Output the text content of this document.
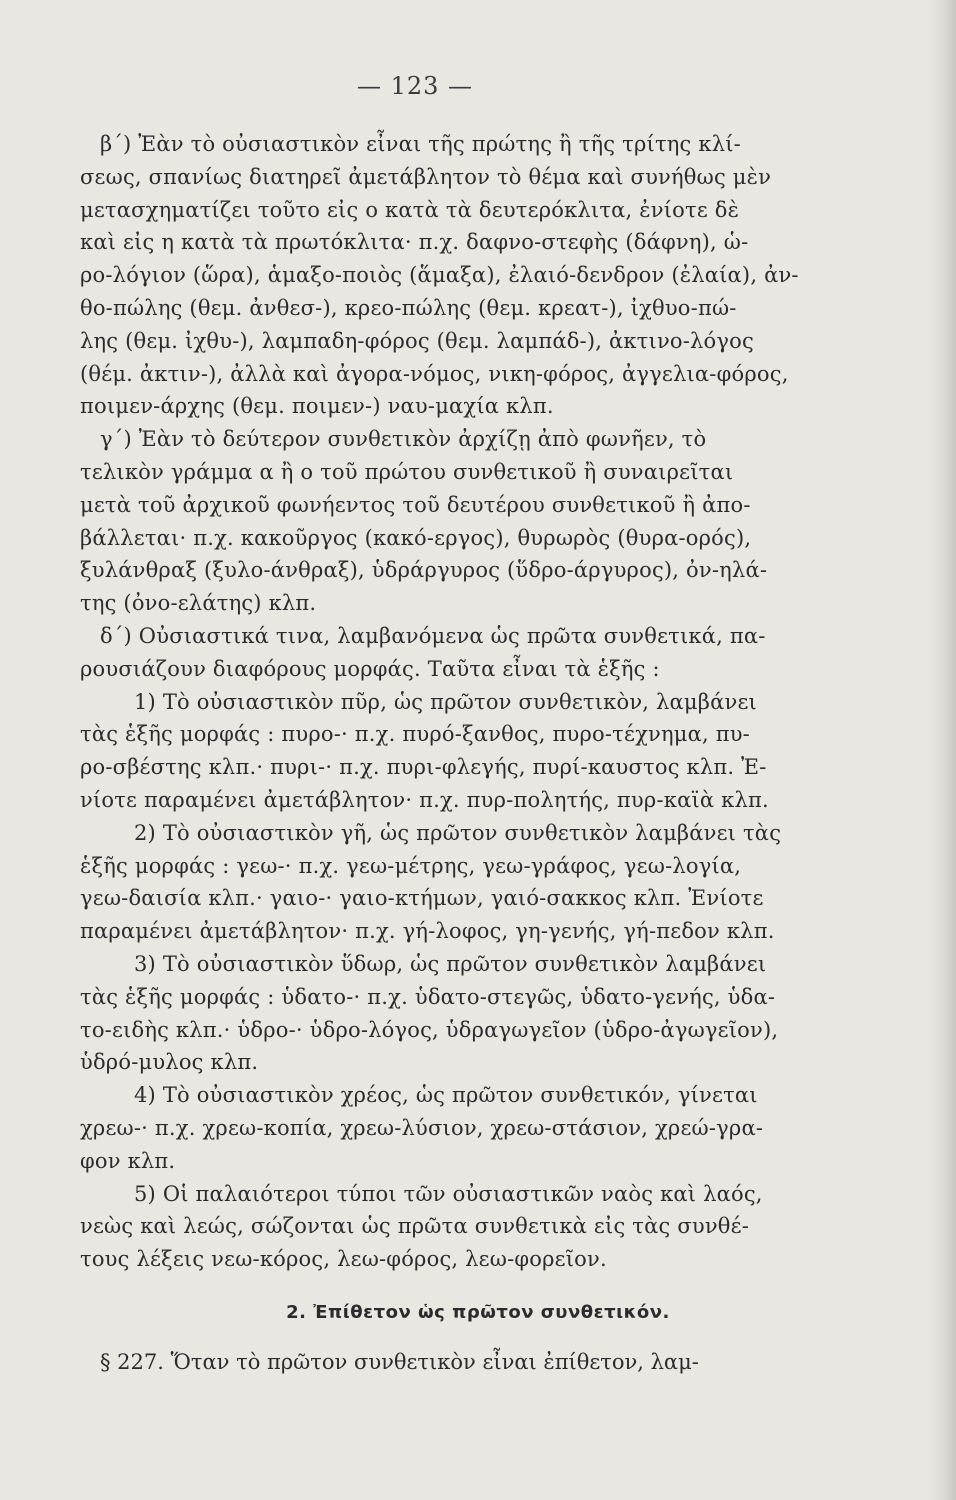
— 123 —
β΄) Ἐὰν τὸ οὐσιαστικὸν εἶναι τῆς πρώτης ἢ τῆς τρίτης κλί-
σεως, σπανίως διατηρεῖ ἀμετάβλητον τὸ θέμα καὶ συνήθως μὲν
μετασχηματίζει τοῦτο εἰς ο κατὰ τὰ δευτερόκλιτα, ἐνίοτε δὲ
καὶ εἰς η κατὰ τὰ πρωτόκλιτα· π.χ. δαφνο-στεφὴς (δάφνη), ὡ-
ρο-λόγιον (ὥρα), ἁμαξο-ποιὸς (ἅμαξα), ἐλαιό-δενδρον (ἐλαία), ἀν-
θο-πώλης (θεμ. ἀνθεσ-), κρεο-πώλης (θεμ. κρεατ-), ἰχθυο-πώ-
λης (θεμ. ἰχθυ-), λαμπαδη-φόρος (θεμ. λαμπάδ-), ἀκτινο-λόγος
(θέμ. ἀκτιν-), ἀλλὰ καὶ ἀγορα-νόμος, νικη-φόρος, ἀγγελια-φόρος,
ποιμεν-άρχης (θεμ. ποιμεν-) ναυ-μαχία κλπ.
γ΄) Ἐὰν τὸ δεύτερον συνθετικὸν ἀρχίζῃ ἀπὸ φωνῆεν, τὸ
τελικὸν γράμμα α ἢ ο τοῦ πρώτου συνθετικοῦ ἢ συναιρεῖται
μετὰ τοῦ ἀρχικοῦ φωνήεντος τοῦ δευτέρου συνθετικοῦ ἢ ἀπο-
βάλλεται· π.χ. κακοῦργος (κακό-εργος), θυρωρὸς (θυρα-ορός),
ξυλάνθραξ (ξυλο-άνθραξ), ὑδράργυρος (ὕδρο-άργυρος), ὀν-ηλά-
της (ὀνο-ελάτης) κλπ.
δ΄) Οὐσιαστικά τινα, λαμβανόμενα ὡς πρῶτα συνθετικά, πα-
ρουσιάζουν διαφόρους μορφάς. Ταῦτα εἶναι τὰ ἑξῆς :
1) Τὸ οὐσιαστικὸν πῦρ, ὡς πρῶτον συνθετικὸν, λαμβάνει
τὰς ἑξῆς μορφάς : πυρο-· π.χ. πυρό-ξανθος, πυρο-τέχνημα, πυ-
ρο-σβέστης κλπ.· πυρι-· π.χ. πυρι-φλεγής, πυρί-καυστος κλπ. Ἐ-
νίοτε παραμένει ἀμετάβλητον· π.χ. πυρ-πολητής, πυρ-καϊὰ κλπ.
2) Τὸ οὐσιαστικὸν γῆ, ὡς πρῶτον συνθετικὸν λαμβάνει τὰς
ἑξῆς μορφάς : γεω-· π.χ. γεω-μέτρης, γεω-γράφος, γεω-λογία,
γεω-δαισία κλπ.· γαιο-· γαιο-κτήμων, γαιό-σακκος κλπ. Ἐνίοτε
παραμένει ἀμετάβλητον· π.χ. γή-λοφος, γη-γενής, γή-πεδον κλπ.
3) Τὸ οὐσιαστικὸν ὕδωρ, ὡς πρῶτον συνθετικὸν λαμβάνει
τὰς ἑξῆς μορφάς : ὑδατο-· π.χ. ὑδατο-στεγῶς, ὑδατο-γενής, ὑδα-
το-ειδὴς κλπ.· ὑδρο-· ὑδρο-λόγος, ὑδραγωγεῖον (ὑδρο-ἀγωγεῖον),
ὑδρό-μυλος κλπ.
4) Τὸ οὐσιαστικὸν χρέος, ὡς πρῶτον συνθετικόν, γίνεται
χρεω-· π.χ. χρεω-κοπία, χρεω-λύσιον, χρεω-στάσιον, χρεώ-γρα-
φον κλπ.
5) Οἱ παλαιότεροι τύποι τῶν οὐσιαστικῶν ναὸς καὶ λαός,
νεὼς καὶ λεώς, σώζονται ὡς πρῶτα συνθετικὰ εἰς τὰς συνθέ-
τους λέξεις νεω-κόρος, λεω-φόρος, λεω-φορεῖον.
2. Ἐπίθετον ὡς πρῶτον συνθετικόν.
§ 227. Ὅταν τὸ πρῶτον συνθετικὸν εἶναι ἐπίθετον, λαμ-
